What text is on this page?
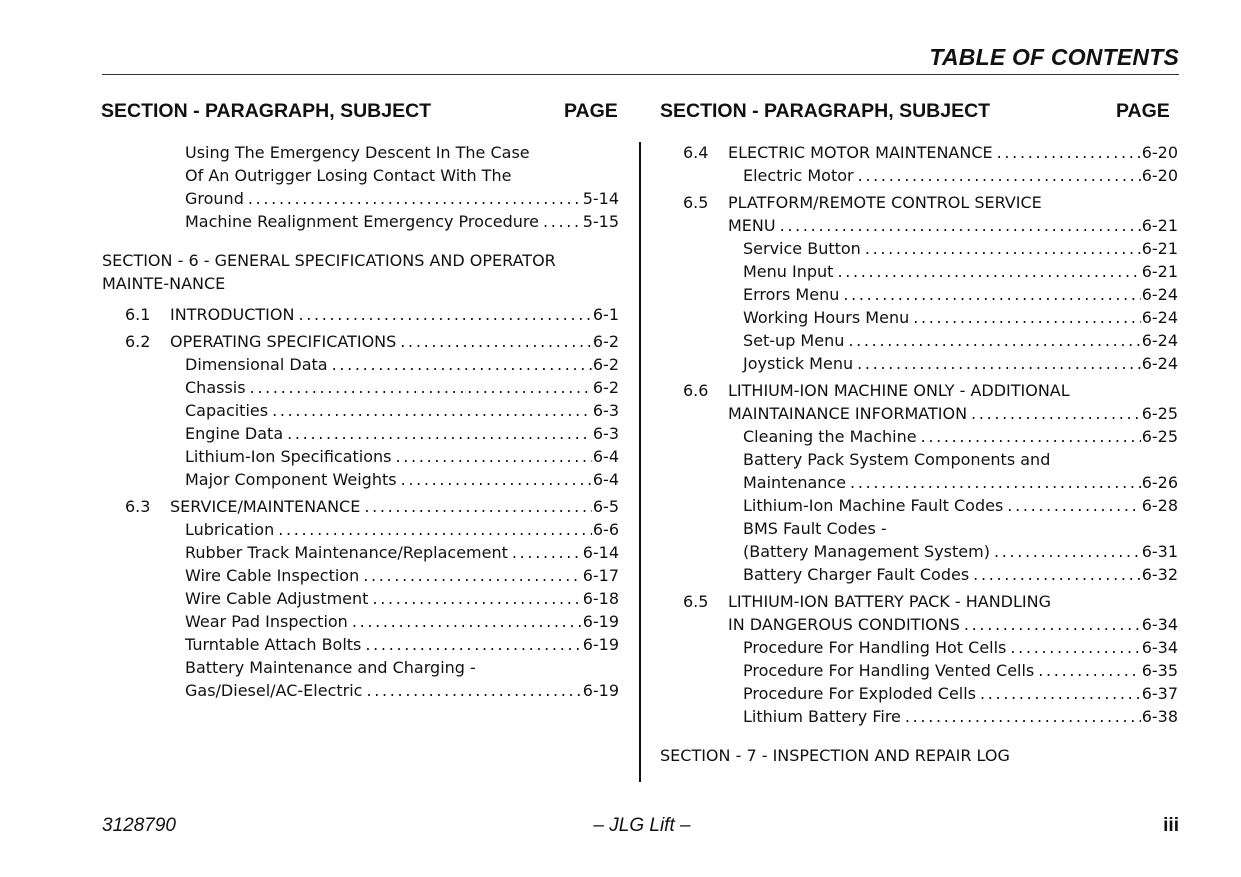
TABLE OF CONTENTS
SECTION - PARAGRAPH, SUBJECT	PAGE SECTION - PARAGRAPH, SUBJECT	PAGE
Using The Emergency Descent In The Case
Of An Outrigger Losing Contact With The
Ground . . .	5-14
Machine Realignment Emergency Procedure . . .	5-15
SECTION - 6 - GENERAL SPECIFICATIONS AND OPERATOR MAINTE-NANCE
6.1	INTRODUCTION . . .	6-1
6.2	OPERATING SPECIFICATIONS . . .	6-2
Dimensional Data . . .	6-2
Chassis . . .	6-2
Capacities . . .	6-3
Engine Data . . .	6-3
Lithium-Ion Specifications . . .	6-4
Major Component Weights . . .	6-4
6.3	SERVICE/MAINTENANCE . . .	6-5
Lubrication . . .	6-6
Rubber Track Maintenance/Replacement . . .	6-14
Wire Cable Inspection . . .	6-17
Wire Cable Adjustment . . .	6-18
Wear Pad Inspection . . .	6-19
Turntable Attach Bolts . . .	6-19
Battery Maintenance and Charging -
Gas/Diesel/AC-Electric . . .	6-19
6.4	ELECTRIC MOTOR MAINTENANCE . . .	6-20
Electric Motor . . .	6-20
6.5	PLATFORM/REMOTE CONTROL SERVICE
MENU . . .	6-21
Service Button . . .	6-21
Menu Input . . .	6-21
Errors Menu . . .	6-24
Working Hours Menu . . .	6-24
Set-up Menu . . .	6-24
Joystick Menu . . .	6-24
6.6	LITHIUM-ION MACHINE ONLY - ADDITIONAL
MAINTAINANCE INFORMATION . . .	6-25
Cleaning the Machine . . .	6-25
Battery Pack System Components and
Maintenance . . .	6-26
Lithium-Ion Machine Fault Codes . . .	6-28
BMS Fault Codes -
(Battery Management System) . . .	6-31
Battery Charger Fault Codes . . .	6-32
6.5	LITHIUM-ION BATTERY PACK - HANDLING
IN DANGEROUS CONDITIONS . . .	6-34
Procedure For Handling Hot Cells . . .	6-34
Procedure For Handling Vented Cells . . .	6-35
Procedure For Exploded Cells . . .	6-37
Lithium Battery Fire . . .	6-38
SECTION - 7 - INSPECTION AND REPAIR LOG
3128790	– JLG Lift –	iii
